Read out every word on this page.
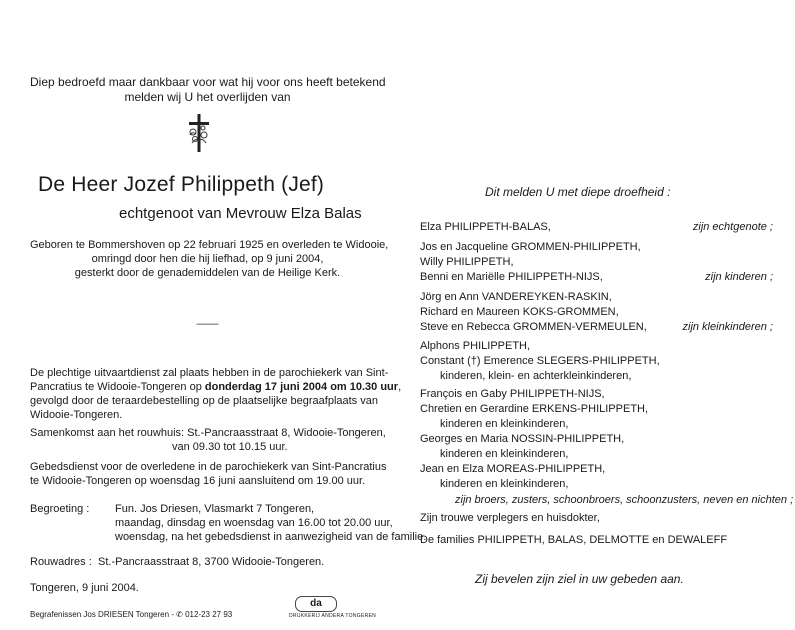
Diep bedroefd maar dankbaar voor wat hij voor ons heeft betekend
melden wij U het overlijden van
De Heer Jozef Philippeth (Jef)
echtgenoot van Mevrouw Elza Balas
Geboren te Bommershoven op 22 februari 1925 en overleden te Widooie,
omringd door hen die hij liefhad, op 9 juni 2004,
gesterkt door de genademiddelen van de Heilige Kerk.
——
De plechtige uitvaartdienst zal plaats hebben in de parochiekerk van Sint-
Pancratius te Widooie-Tongeren op donderdag 17 juni 2004 om 10.30 uur,
gevolgd door de teraardebestelling op de plaatselijke begraafplaats van
Widooie-Tongeren.
Samenkomst aan het rouwhuis: St.-Pancraasstraat 8, Widooie-Tongeren,
van 09.30 tot 10.15 uur.
Gebedsdienst voor de overledene in de parochiekerk van Sint-Pancratius
te Widooie-Tongeren op woensdag 16 juni aansluitend om 19.00 uur.
Begroeting : Fun. Jos Driesen, Vlasmarkt 7 Tongeren,
maandag, dinsdag en woensdag van 16.00 tot 20.00 uur,
woensdag, na het gebedsdienst in aanwezigheid van de familie.
Rouwadres : St.-Pancraasstraat 8, 3700 Widooie-Tongeren.
Tongeren, 9 juni 2004.
Begrafenissen Jos DRIESEN Tongeren - ✆ 012-23 27 93
da
DRUKKERIJ ANDERA TONGEREN
Dit melden U met diepe droefheid :
Elza PHILIPPETH-BALAS,
Jos en Jacqueline GROMMEN-PHILIPPETH,
Willy PHILIPPETH,
Benni en Mariëlle PHILIPPETH-NIJS,
Jörg en Ann VANDEREYKEN-RASKIN,
Richard en Maureen KOKS-GROMMEN,
Steve en Rebecca GROMMEN-VERMEULEN,
Alphons PHILIPPETH,
Constant (†) Emerence SLEGERS-PHILIPPETH,
kinderen, klein- en achterkleinkinderen,
François en Gaby PHILIPPETH-NIJS,
Chretien en Gerardine ERKENS-PHILIPPETH,
kinderen en kleinkinderen,
Georges en Maria NOSSIN-PHILIPPETH,
kinderen en kleinkinderen,
Jean en Elza MOREAS-PHILIPPETH,
kinderen en kleinkinderen,
zijn broers, zusters, schoonbroers, schoonzusters, neven en nichten ;
Zijn trouwe verplegers en huisdokter,
De families PHILIPPETH, BALAS, DELMOTTE en DEWALEFF
zijn echtgenote ;
zijn kinderen ;
zijn kleinkinderen ;
Zij bevelen zijn ziel in uw gebeden aan.
